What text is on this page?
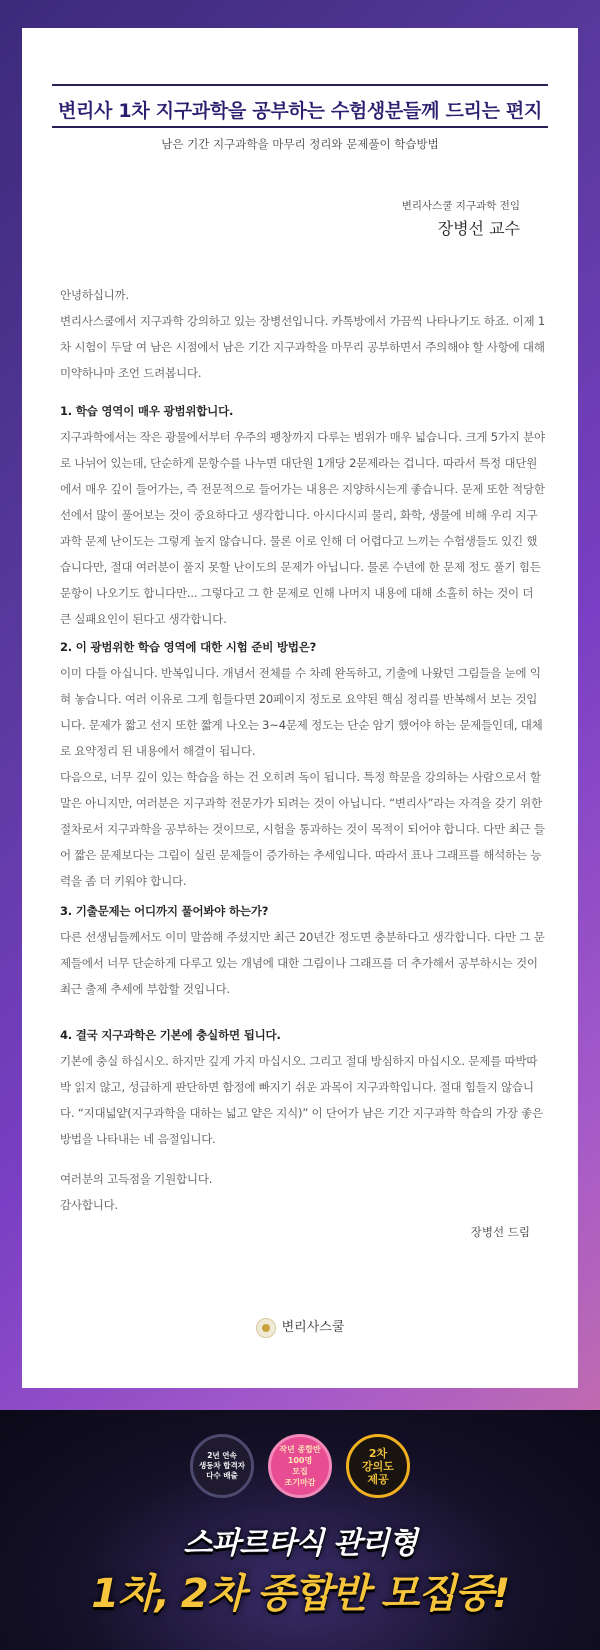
변리사 1차 지구과학을 공부하는 수험생분들께 드리는 편지
남은 기간 지구과학을 마무리 정리와 문제풀이 학습방법
변리사스쿨 지구과학 전임
장병선 교수

안녕하십니까.

변리사스쿨에서 지구과학 강의하고 있는 장병선입니다. 카톡방에서 가끔씩 나타나기도 하죠. 이제 1차 시험이 두달 여 남은 시점에서 남은 기간 지구과학을 마무리 공부하면서 주의해야 할 사항에 대해 미약하나마 조언 드려봅니다.

1. 학습 영역이 매우 광범위합니다.

지구과학에서는 작은 광물에서부터 우주의 팽창까지 다루는 범위가 매우 넓습니다. 크게 5가지 분야로 나뉘어 있는데, 단순하게 문항수를 나누면 대단원 1개당 2문제라는 겁니다. 따라서 특정 대단원에서 매우 깊이 들어가는, 즉 전문적으로 들어가는 내용은 지양하시는게 좋습니다. 문제 또한 적당한 선에서 많이 풀어보는 것이 중요하다고 생각합니다. 아시다시피 물리, 화학, 생물에 비해 우리 지구과학 문제 난이도는 그렇게 높지 않습니다. 물론 이로 인해 더 어렵다고 느끼는 수험생들도 있긴 했습니다만, 절대 여러분이 풀지 못할 난이도의 문제가 아닙니다. 물론 수년에 한 문제 정도 풀기 힘든 문항이 나오기도 합니다만... 그렇다고 그 한 문제로 인해 나머지 내용에 대해 소홀히 하는 것이 더 큰 실패요인이 된다고 생각합니다.

2. 이 광범위한 학습 영역에 대한 시험 준비 방법은?

이미 다들 아십니다. 반복입니다. 개념서 전체를 수 차례 완독하고, 기출에 나왔던 그림들을 눈에 익혀 놓습니다. 여러 이유로 그게 힘들다면 20페이지 정도로 요약된 핵심 정리를 반복해서 보는 것입니다. 문제가 짧고 선지 또한 짧게 나오는 3~4문제 정도는 단순 암기 했어야 하는 문제들인데, 대체로 요약정리 된 내용에서 해결이 됩니다.

다음으로, 너무 깊이 있는 학습을 하는 건 오히려 독이 됩니다. 특정 학문을 강의하는 사람으로서 할 말은 아니지만, 여러분은 지구과학 전문가가 되려는 것이 아닙니다. “변리사”라는 자격을 갖기 위한 절차로서 지구과학을 공부하는 것이므로, 시험을 통과하는 것이 목적이 되어야 합니다. 다만 최근 들어 짧은 문제보다는 그림이 실린 문제들이 증가하는 추세입니다. 따라서 표나 그래프를 해석하는 능력을 좀 더 키워야 합니다.

3. 기출문제는 어디까지 풀어봐야 하는가?

다른 선생님들께서도 이미 말씀해 주셨지만 최근 20년간 정도면 충분하다고 생각합니다. 다만 그 문제들에서 너무 단순하게 다루고 있는 개념에 대한 그림이나 그래프를 더 추가해서 공부하시는 것이 최근 출제 추세에 부합할 것입니다.

4. 결국 지구과학은 기본에 충실하면 됩니다.

기본에 충실 하십시오. 하지만 깊게 가지 마십시오. 그리고 절대 방심하지 마십시오. 문제를 따박따박 읽지 않고, 성급하게 판단하면 함정에 빠지기 쉬운 과목이 지구과학입니다. 절대 힘들지 않습니다. “지대넓얕(지구과학을 대하는 넓고 얕은 지식)” 이 단어가 남은 기간 지구과학 학습의 가장 좋은 방법을 나타내는 네 음절입니다.

여러분의 고득점을 기원합니다.

감사합니다.

장병선 드림
변리사스쿨
2년 연속
생동차 합격자
다수 배출
작년 종합반
100명
모집
조기마감
2차
강의도
제공
스파르타식 관리형
1차, 2차 종합반 모집중!
